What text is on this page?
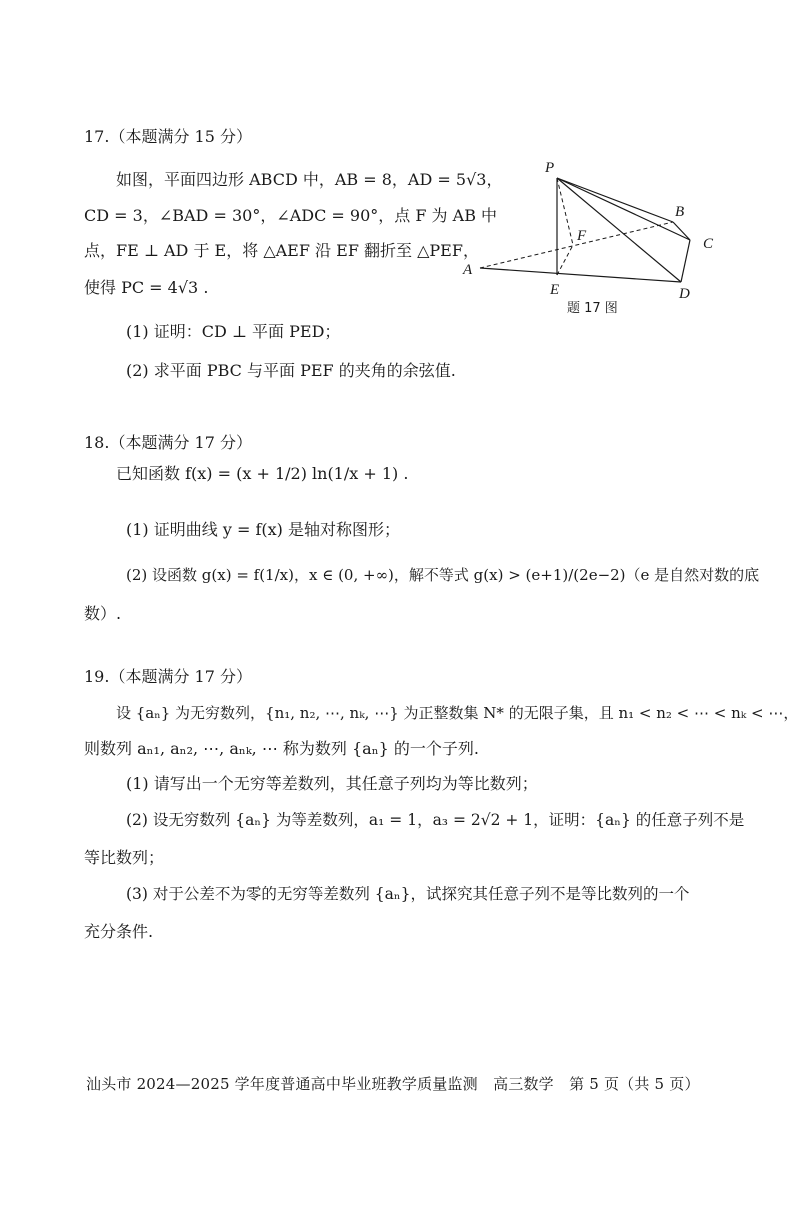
17.（本题满分 15 分）
如图，平面四边形 ABCD 中，AB = 8，AD = 5√3，
CD = 3，∠BAD = 30°，∠ADC = 90°，点 F 为 AB 中
点，FE ⊥ AD 于 E，将 △AEF 沿 EF 翻折至 △PEF，
使得 PC = 4√3 .
(1) 证明：CD ⊥ 平面 PED；
(2) 求平面 PBC 与平面 PEF 的夹角的余弦值.
P
B
C
F
A
E	D
题 17 图
18.（本题满分 17 分）
已知函数 f(x) = (x + 1/2) ln(1/x + 1) .
(1) 证明曲线 y = f(x) 是轴对称图形；
(2) 设函数 g(x) = f(1/x)，x ∈ (0, +∞)，解不等式 g(x) > (e+1)/(2e−2)（e 是自然对数的底
数）.
19.（本题满分 17 分）
设 {aₙ} 为无穷数列，{n₁, n₂, ⋯, nₖ, ⋯} 为正整数集 N* 的无限子集，且 n₁ < n₂ < ⋯ < nₖ < ⋯，
则数列 aₙ₁, aₙ₂, ⋯, aₙₖ, ⋯ 称为数列 {aₙ} 的一个子列.
(1) 请写出一个无穷等差数列，其任意子列均为等比数列；
(2) 设无穷数列 {aₙ} 为等差数列，a₁ = 1，a₃ = 2√2 + 1，证明：{aₙ} 的任意子列不是
等比数列；
(3) 对于公差不为零的无穷等差数列 {aₙ}，试探究其任意子列不是等比数列的一个
充分条件.
汕头市 2024—2025 学年度普通高中毕业班教学质量监测　高三数学　第 5 页（共 5 页）
